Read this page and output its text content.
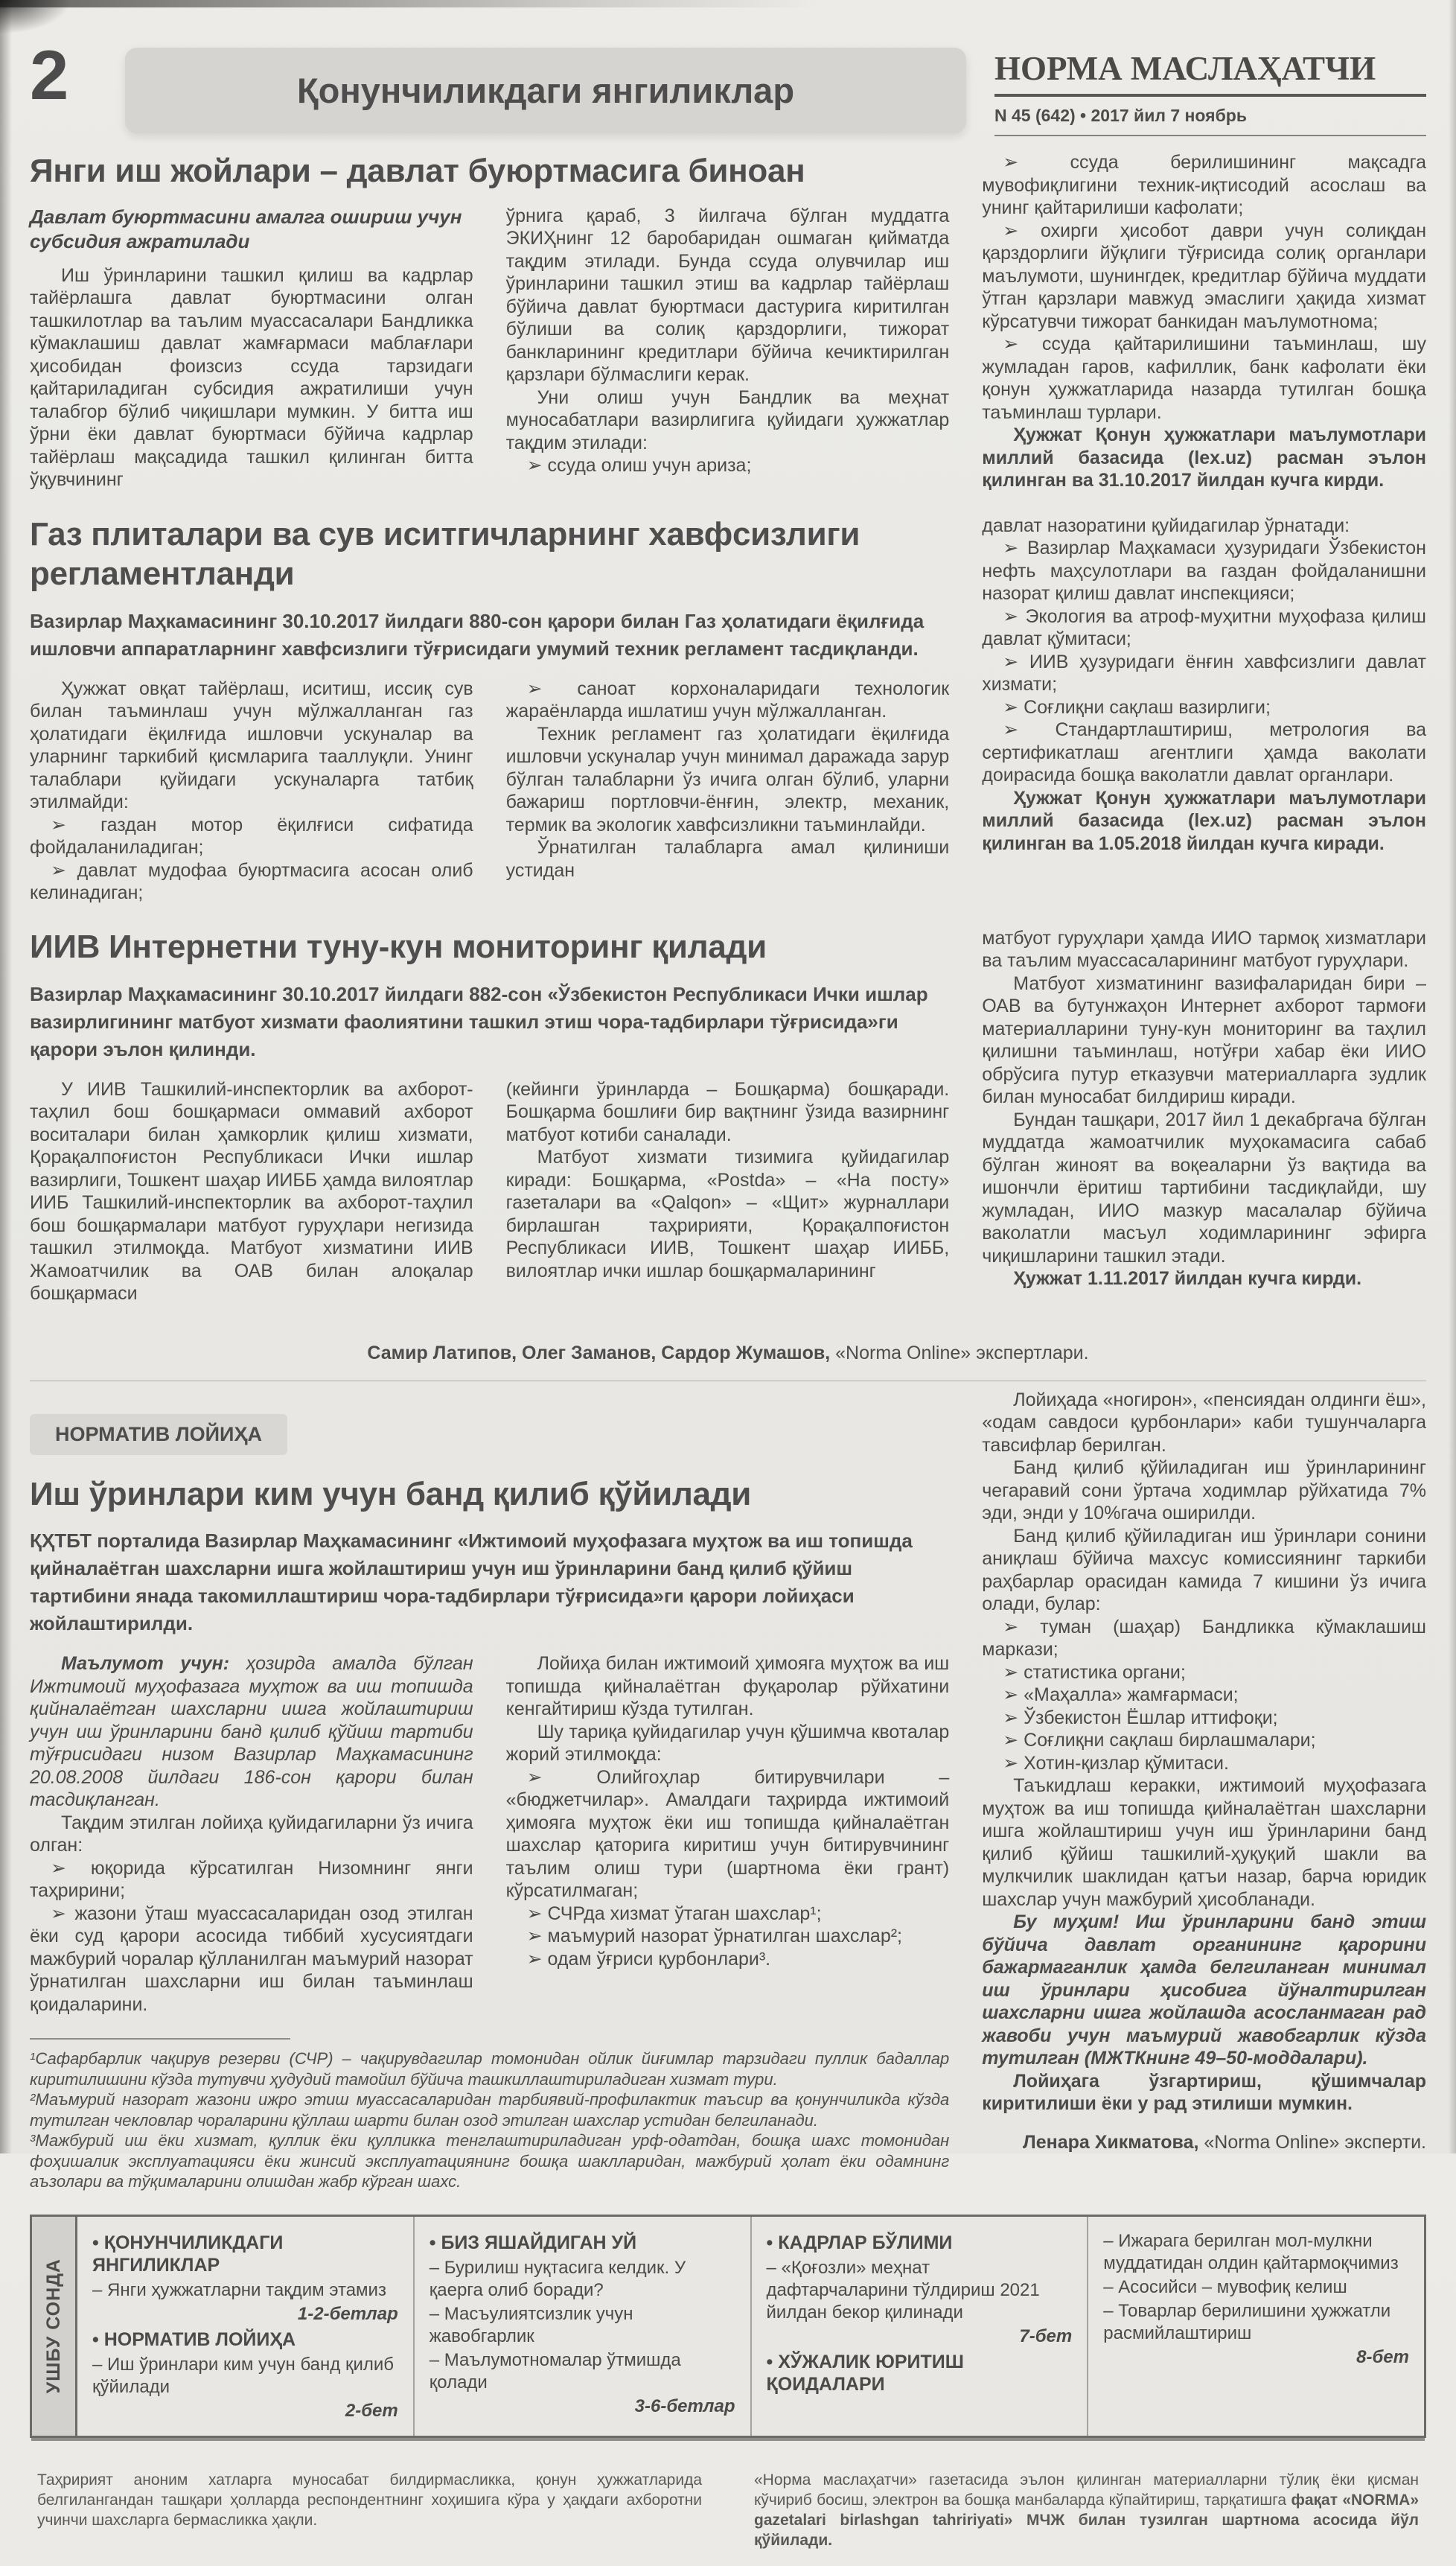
2	Қонунчиликдаги янгиликлар
НОРМА МАСЛАҲАТЧИ
N 45 (642) • 2017 йил 7 ноябрь
Янги иш жойлари – давлат буюртмасига биноан

Давлат буюртмасини амалга ошириш учун субсидия ажратилади

Иш ўринларини ташкил қилиш ва кадрлар тайёрлашга давлат буюртмасини олган ташкилотлар ва таълим муассасалари Бандликка кўмаклашиш давлат жамғармаси маблағлари ҳисобидан фоизсиз ссуда тарзидаги қайтариладиган субсидия ажратилиши учун талабгор бўлиб чиқишлари мумкин. У битта иш ўрни ёки давлат буюртмаси бўйича кадрлар тайёрлаш мақсадида ташкил қилинган битта ўқувчининг

ўрнига қараб, 3 йилгача бўлган муддатга ЭКИҲнинг 12 баробаридан ошмаган қийматда тақдим этилади. Бунда ссуда олувчилар иш ўринларини ташкил этиш ва кадрлар тайёрлаш бўйича давлат буюртмаси дастурига киритилган бўлиши ва солиқ қарздорлиги, тижорат банкларининг кредитлари бўйича кечиктирилган қарзлари бўлмаслиги керак.

Уни олиш учун Бандлик ва меҳнат муносабатлари вазирлигига қуйидаги ҳужжатлар тақдим этилади:

➢ ссуда олиш учун ариза;

➢ ссуда берилишининг мақсадга мувофиқлигини техник-иқтисодий асослаш ва унинг қайтарилиши кафолати;

➢ охирги ҳисобот даври учун солиқдан қарздорлиги йўқлиги тўғрисида солиқ органлари маълумоти, шунингдек, кредитлар бўйича муддати ўтган қарзлари мавжуд эмаслиги ҳақида хизмат кўрсатувчи тижорат банкидан маълумотнома;

➢ ссуда қайтарилишини таъминлаш, шу жумладан гаров, кафиллик, банк кафолати ёки қонун ҳужжатларида назарда тутилган бошқа таъминлаш турлари.

Ҳужжат Қонун ҳужжатлари маълумотлари миллий базасида (lex.uz) расман эълон қилинган ва 31.10.2017 йилдан кучга кирди.

Газ плиталари ва сув иситгичларнинг хавфсизлиги регламентланди

Вазирлар Маҳкамасининг 30.10.2017 йилдаги 880-сон қарори билан Газ ҳолатидаги ёқилғида ишловчи аппаратларнинг хавфсизлиги тўғрисидаги умумий техник регламент тасдиқланди.

Ҳужжат овқат тайёрлаш, иситиш, иссиқ сув билан таъминлаш учун мўлжалланган газ ҳолатидаги ёқилғида ишловчи ускуналар ва уларнинг таркибий қисмларига тааллуқли. Унинг талаблари қуйидаги ускуналарга татбиқ этилмайди:

➢ газдан мотор ёқилғиси сифатида фойдаланиладиган;

➢ давлат мудофаа буюртмасига асосан олиб келинадиган;

➢ саноат корхоналаридаги технологик жараёнларда ишлатиш учун мўлжалланган.

Техник регламент газ ҳолатидаги ёқилғида ишловчи ускуналар учун минимал даражада зарур бўлган талабларни ўз ичига олган бўлиб, уларни бажариш портловчи-ёнғин, электр, механик, термик ва экологик хавфсизликни таъминлайди.

Ўрнатилган талабларга амал қилиниши устидан

давлат назоратини қуйидагилар ўрнатади:

➢ Вазирлар Маҳкамаси ҳузуридаги Ўзбекистон нефть маҳсулотлари ва газдан фойдаланишни назорат қилиш давлат инспекцияси;

➢ Экология ва атроф-муҳитни муҳофаза қилиш давлат қўмитаси;

➢ ИИВ ҳузуридаги ёнғин хавфсизлиги давлат хизмати;

➢ Соғлиқни сақлаш вазирлиги;

➢ Стандартлаштириш, метрология ва сертификатлаш агентлиги ҳамда ваколати доирасида бошқа ваколатли давлат органлари.

Ҳужжат Қонун ҳужжатлари маълумотлари миллий базасида (lex.uz) расман эълон қилинган ва 1.05.2018 йилдан кучга киради.

ИИВ Интернетни туну-кун мониторинг қилади

Вазирлар Маҳкамасининг 30.10.2017 йилдаги 882-сон «Ўзбекистон Республикаси Ички ишлар вазирлигининг матбуот хизмати фаолиятини ташкил этиш чора-тадбирлари тўғрисида»ги қарори эълон қилинди.

У ИИВ Ташкилий-инспекторлик ва ахборот-таҳлил бош бошқармаси оммавий ахборот воситалари билан ҳамкорлик қилиш хизмати, Қорақалпоғистон Республикаси Ички ишлар вазирлиги, Тошкент шаҳар ИИББ ҳамда вилоятлар ИИБ Ташкилий-инспекторлик ва ахборот-таҳлил бош бошқармалари матбуот гуруҳлари негизида ташкил этилмоқда. Матбуот хизматини ИИВ Жамоатчилик ва ОАВ билан алоқалар бошқармаси

(кейинги ўринларда – Бошқарма) бошқаради. Бошқарма бошлиғи бир вақтнинг ўзида вазирнинг матбуот котиби саналади.

Матбуот хизмати тизимига қуйидагилар киради: Бошқарма, «Postda» – «На посту» газеталари ва «Qalqon» – «Щит» журналлари бирлашган таҳририяти, Қорақалпоғистон Республикаси ИИВ, Тошкент шаҳар ИИББ, вилоятлар ички ишлар бошқармаларининг

матбуот гуруҳлари ҳамда ИИО тармоқ хизматлари ва таълим муассасаларининг матбуот гуруҳлари.

Матбуот хизматининг вазифаларидан бири – ОАВ ва бутунжаҳон Интернет ахборот тармоғи материалларини туну-кун мониторинг ва таҳлил қилишни таъминлаш, нотўғри хабар ёки ИИО обрўсига путур етказувчи материалларга зудлик билан муносабат билдириш киради.

Бундан ташқари, 2017 йил 1 декабргача бўлган муддатда жамоатчилик муҳокамасига сабаб бўлган жиноят ва воқеаларни ўз вақтида ва ишончли ёритиш тартибини тасдиқлайди, шу жумладан, ИИО мазкур масалалар бўйича ваколатли масъул ходимларининг эфирга чиқишларини ташкил этади.

Ҳужжат 1.11.2017 йилдан кучга кирди.

Самир Латипов, Олег Заманов, Сардор Жумашов, «Norma Online» экспертлари.
НОРМАТИВ ЛОЙИҲА
Иш ўринлари ким учун банд қилиб қўйилади

ҚҲТБТ порталида Вазирлар Маҳкамасининг «Ижтимоий муҳофазага муҳтож ва иш топишда қийналаётган шахсларни ишга жойлаштириш учун иш ўринларини банд қилиб қўйиш тартибини янада такомиллаштириш чора-тадбирлари тўғрисида»ги қарори лойиҳаси жойлаштирилди.

Маълумот учун: ҳозирда амалда бўлган Ижтимоий муҳофазага муҳтож ва иш топишда қийналаётган шахсларни ишга жойлаштириш учун иш ўринларини банд қилиб қўйиш тартиби тўғрисидаги низом Вазирлар Маҳкамасининг 20.08.2008 йилдаги 186-сон қарори билан тасдиқланган.

Тақдим этилган лойиҳа қуйидагиларни ўз ичига олган:

➢ юқорида кўрсатилган Низомнинг янги таҳририни;

➢ жазони ўташ муассасаларидан озод этилган ёки суд қарори асосида тиббий хусусиятдаги мажбурий чоралар қўлланилган маъмурий назорат ўрнатилган шахсларни иш билан таъминлаш қоидаларини.

Лойиҳа билан ижтимоий ҳимояга муҳтож ва иш топишда қийналаётган фуқаролар рўйхатини кенгайтириш кўзда тутилган.

Шу тариқа қуйидагилар учун қўшимча квоталар жорий этилмоқда:

➢ Олийгоҳлар битирувчилари – «бюджетчилар». Амалдаги таҳрирда ижтимоий ҳимояга муҳтож ёки иш топишда қийналаётган шахслар қаторига киритиш учун битирувчининг таълим олиш тури (шартнома ёки грант) кўрсатилмаган;

➢ СЧРда хизмат ўтаган шахслар¹;

➢ маъмурий назорат ўрнатилган шахслар²;

➢ одам ўғриси қурбонлари³.

¹Сафарбарлик чақирув резерви (СЧР) – чақирувдагилар томонидан ойлик йиғимлар тарзидаги пуллик бадаллар киритилишини кўзда тутувчи ҳудудий тамойил бўйича ташкиллаштириладиган хизмат тури.

²Маъмурий назорат жазони ижро этиш муассасаларидан тарбиявий-профилактик таъсир ва қонунчиликда кўзда тутилган чекловлар чораларини қўллаш шарти билан озод этилган шахслар устидан белгиланади.

³Мажбурий иш ёки хизмат, қуллик ёки қулликка тенглаштириладиган урф-одатдан, бошқа шахс томонидан фоҳишалик эксплуатацияси ёки жинсий эксплуатациянинг бошқа шаклларидан, мажбурий ҳолат ёки одамнинг аъзолари ва тўқималарини олишдан жабр кўрган шахс.

Лойиҳада «ногирон», «пенсиядан олдинги ёш», «одам савдоси қурбонлари» каби тушунчаларга тавсифлар берилган.

Банд қилиб қўйиладиган иш ўринларининг чегаравий сони ўртача ходимлар рўйхатида 7% эди, энди у 10%гача оширилди.

Банд қилиб қўйиладиган иш ўринлари сонини аниқлаш бўйича махсус комиссиянинг таркиби раҳбарлар орасидан камида 7 кишини ўз ичига олади, булар:

➢ туман (шаҳар) Бандликка кўмаклашиш маркази;

➢ статистика органи;

➢ «Маҳалла» жамғармаси;

➢ Ўзбекистон Ёшлар иттифоқи;

➢ Соғлиқни сақлаш бирлашмалари;

➢ Хотин-қизлар қўмитаси.

Таъкидлаш керакки, ижтимоий муҳофазага муҳтож ва иш топишда қийналаётган шахсларни ишга жойлаштириш учун иш ўринларини банд қилиб қўйиш ташкилий-ҳуқуқий шакли ва мулкчилик шаклидан қатъи назар, барча юридик шахслар учун мажбурий ҳисобланади.

Бу муҳим! Иш ўринларини банд этиш бўйича давлат органининг қарорини бажармаганлик ҳамда белгиланган минимал иш ўринлари ҳисобига йўналтирилган шахсларни ишга жойлашда асосланмаган рад жавоби учун маъмурий жавобгарлик кўзда тутилган (МЖТКнинг 49–50-моддалари).

Лойиҳага ўзгартириш, қўшимчалар киритилиши ёки у рад этилиши мумкин.

Ленара Хикматова, «Norma Online» эксперти.
УШБУ СОНДА

• ҚОНУНЧИЛИКДАГИ ЯНГИЛИКЛАР

– Янги ҳужжатларни тақдим этамиз

1-2-бетлар

• НОРМАТИВ ЛОЙИҲА

– Иш ўринлари ким учун банд қилиб қўйилади

2-бет

• БИЗ ЯШАЙДИГАН УЙ

– Бурилиш нуқтасига келдик. У қаерга олиб боради?

– Масъулиятсизлик учун жавобгарлик

– Маълумотномалар ўтмишда қолади

3-6-бетлар

• КАДРЛАР БЎЛИМИ

– «Қоғозли» меҳнат дафтарчаларини тўлдириш 2021 йилдан бекор қилинади

7-бет

• ХЎЖАЛИК ЮРИТИШ ҚОИДАЛАРИ

– Ижарага берилган мол-мулкни муддатидан олдин қайтармоқчимиз

– Асосийси – мувофиқ келиш

– Товарлар берилишини ҳужжатли расмийлаштириш

8-бет

Таҳририят аноним хатларга муносабат билдирмасликка, қонун ҳужжатларида белгилангандан ташқари ҳолларда респондентнинг хоҳишига кўра у ҳақдаги ахборотни учинчи шахсларга бермасликка ҳақли.

«Норма маслаҳатчи» газетасида эълон қилинган материалларни тўлиқ ёки қисман кўчириб босиш, электрон ва бошқа манбаларда кўпайтириш, тарқатишга фақат «NORMA» gazetalari birlashgan tahririyati» МЧЖ билан тузилган шартнома асосида йўл қўйилади.
